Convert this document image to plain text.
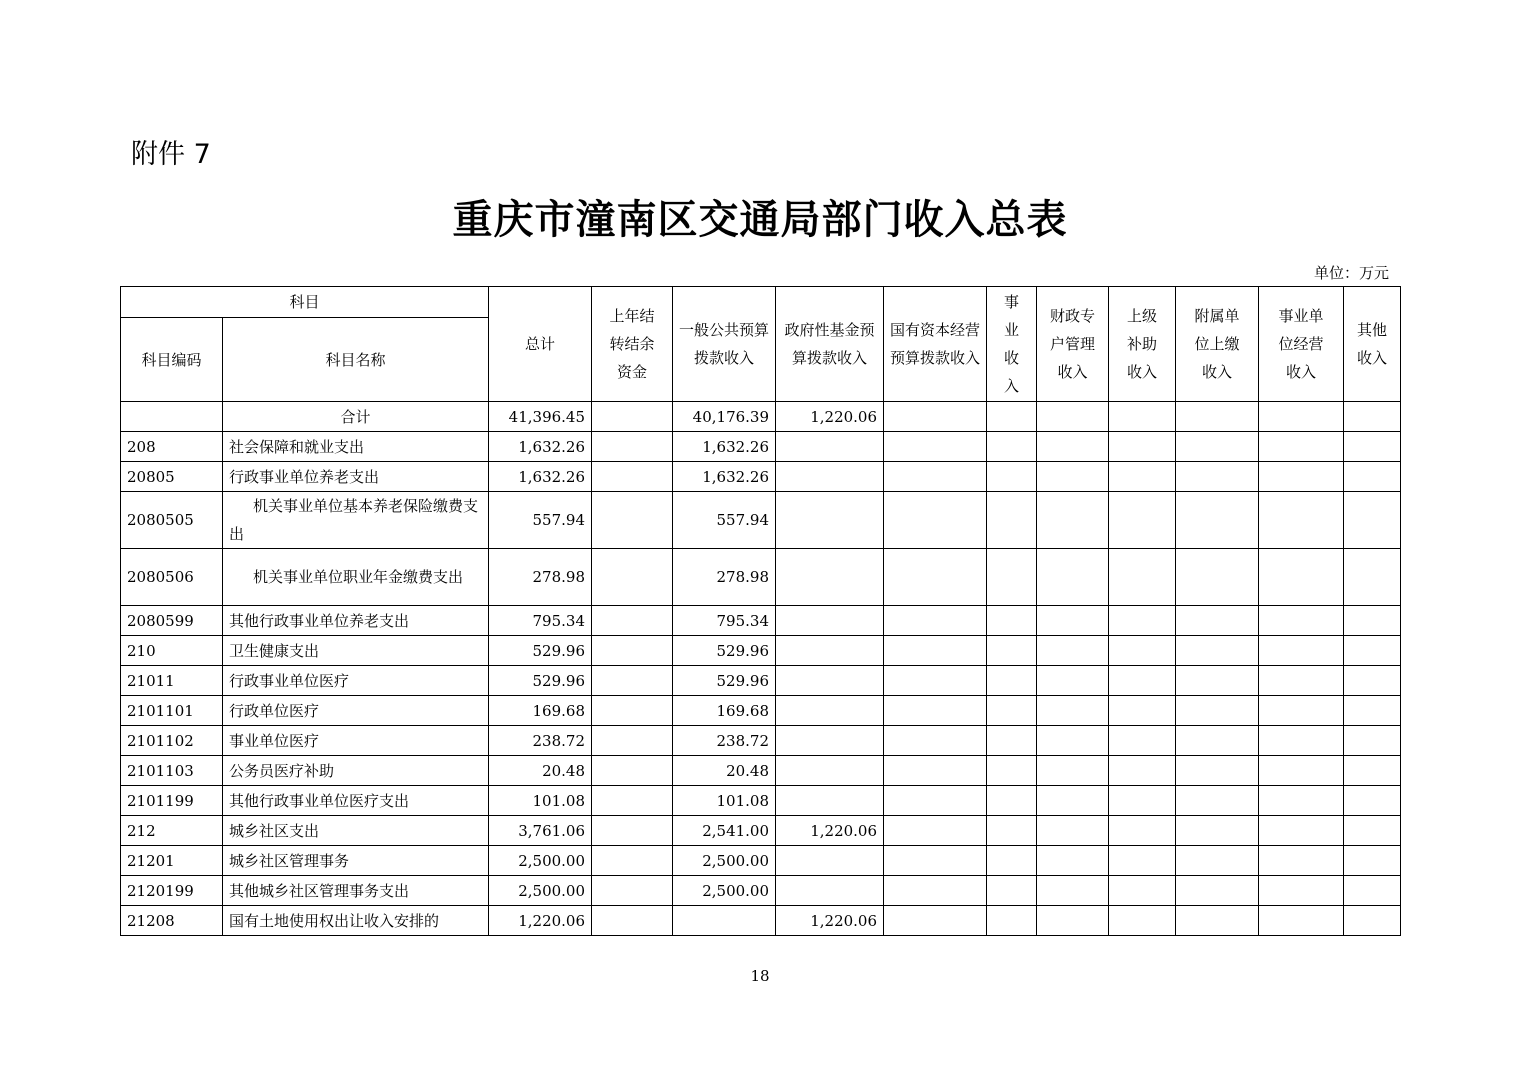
附件 7
重庆市潼南区交通局部门收入总表
单位：万元
科目		总计	上年结转结余资金	一般公共预算拨款收入	政府性基金预算拨款收入	国有资本经营预算拨款收入	事业收入	财政专户管理收入	上级补助收入	附属单位上缴收入	事业单位经营收入	其他收入
科目编码	科目名称											
	合计	41,396.45		40,176.39	1,220.06							
208	社会保障和就业支出	1,632.26		1,632.26								
20805	行政事业单位养老支出	1,632.26		1,632.26								
2080505	机关事业单位基本养老保险缴费支出	557.94		557.94								
2080506	机关事业单位职业年金缴费支出	278.98		278.98								
2080599	其他行政事业单位养老支出	795.34		795.34								
210	卫生健康支出	529.96		529.96								
21011	行政事业单位医疗	529.96		529.96								
2101101	行政单位医疗	169.68		169.68								
2101102	事业单位医疗	238.72		238.72								
2101103	公务员医疗补助	20.48		20.48								
2101199	其他行政事业单位医疗支出	101.08		101.08								
212	城乡社区支出	3,761.06		2,541.00	1,220.06							
21201	城乡社区管理事务	2,500.00		2,500.00								
2120199	其他城乡社区管理事务支出	2,500.00		2,500.00								
21208	国有土地使用权出让收入安排的	1,220.06			1,220.06							
18
